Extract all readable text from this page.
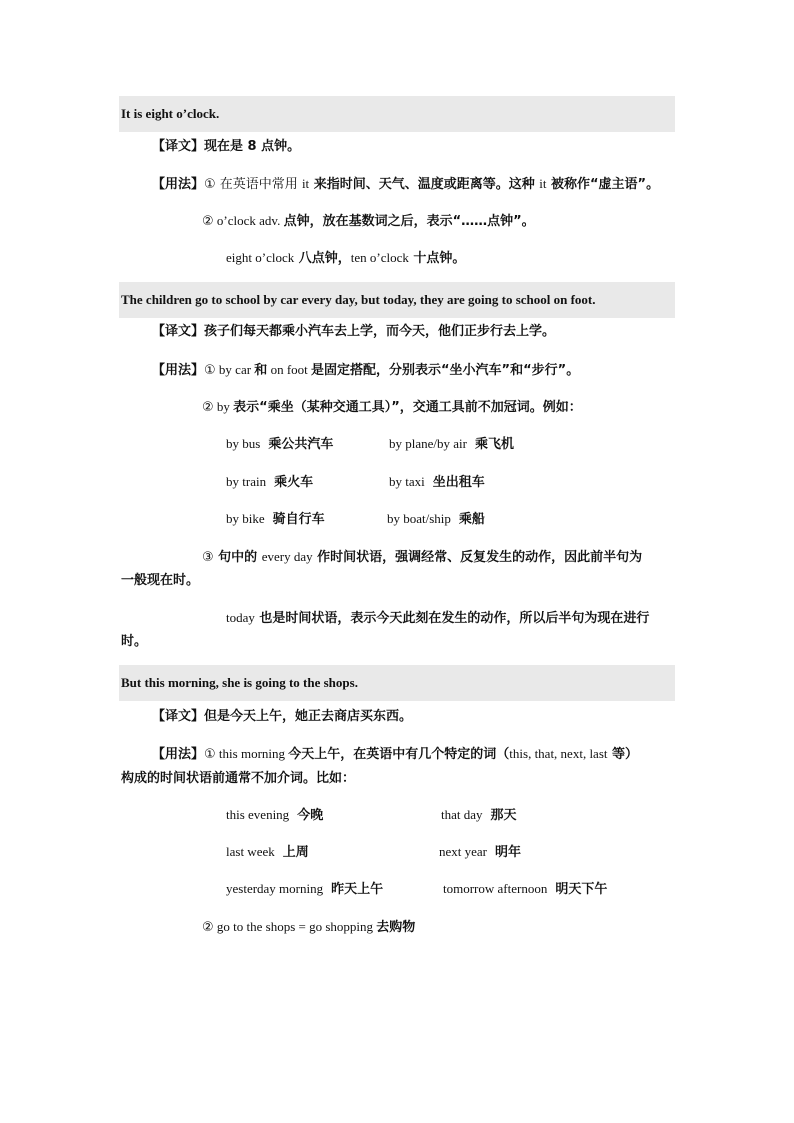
It is eight o’clock.
【译文】现在是 8 点钟。
【用法】① 在英语中常用 it 来指时间、天气、温度或距离等。这种 it 被称作“虚主语”。
② o’clock adv. 点钟，放在基数词之后，表示“……点钟”。
eight o’clock 八点钟，ten o’clock 十点钟。
The children go to school by car every day, but today, they are going to school on foot.
【译文】孩子们每天都乘小汽车去上学，而今天，他们正步行去上学。
【用法】① by car 和 on foot 是固定搭配，分别表示“坐小汽车”和“步行”。
② by 表示“乘坐（某种交通工具）”，交通工具前不加冠词。例如：
by bus 乘公共汽车	by plane/by air 乘飞机
by train 乘火车	by taxi 坐出租车
by bike 骑自行车	by boat/ship 乘船
③ 句中的 every day 作时间状语，强调经常、反复发生的动作，因此前半句为
一般现在时。
today 也是时间状语，表示今天此刻在发生的动作，所以后半句为现在进行
时。
But this morning, she is going to the shops.
【译文】但是今天上午，她正去商店买东西。
【用法】① this morning 今天上午，在英语中有几个特定的词（this, that, next, last 等）
构成的时间状语前通常不加介词。比如：
this evening 今晚	that day 那天
last week 上周	next year 明年
yesterday morning 昨天上午	tomorrow afternoon 明天下午
② go to the shops = go shopping 去购物
